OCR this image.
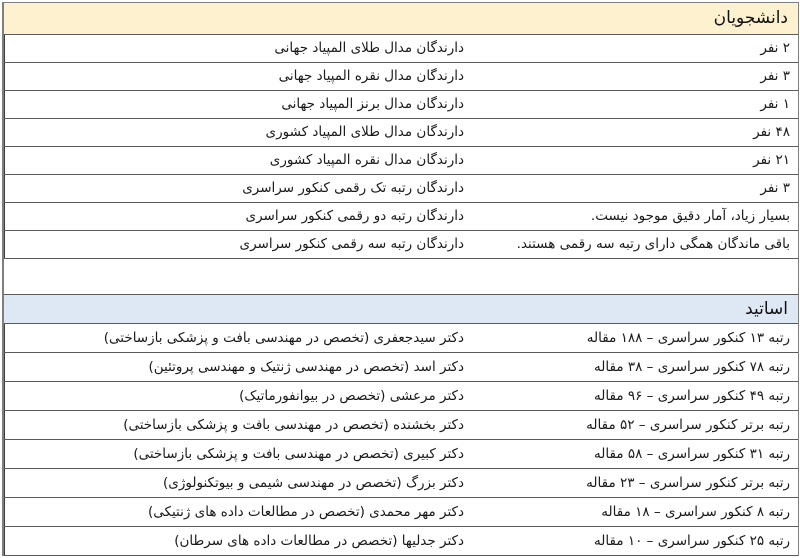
دانشجویان
۲ نفر
دارندگان مدال طلای المپیاد جهانی
۳ نفر
دارندگان مدال نقره المپیاد جهانی
۱ نفر
دارندگان مدال برنز المپیاد جهانی
۴۸ نفر
دارندگان مدال طلای المپیاد کشوری
۲۱ نفر
دارندگان مدال نقره المپیاد کشوری
۳ نفر
دارندگان رتبه تک رقمی کنکور سراسری
بسیار زیاد، آمار دقیق موجود نیست.
دارندگان رتبه دو رقمی کنکور سراسری
باقی ماندگان همگی دارای رتبه سه رقمی هستند.
دارندگان رتبه سه رقمی کنکور سراسری
اساتید
رتبه ۱۳ کنکور سراسری – ۱۸۸ مقاله
دکتر سیدجعفری (تخصص در مهندسی بافت و پزشکی بازساختی)
رتبه ۷۸ کنکور سراسری – ۳۸ مقاله
دکتر اسد (تخصص در مهندسی ژنتیک و مهندسی پروتئین)
رتبه ۴۹ کنکور سراسری – ۹۶ مقاله
دکتر مرعشی (تخصص در بیوانفورماتیک)
رتبه برتر کنکور سراسری – ۵۲ مقاله
دکتر بخشنده (تخصص در مهندسی بافت و پزشکی بازساختی)
رتبه ۳۱ کنکور سراسری – ۵۸ مقاله
دکتر کبیری (تخصص در مهندسی بافت و پزشکی بازساختی)
رتبه برتر کنکور سراسری – ۲۳ مقاله
دکتر بزرگ (تخصص در مهندسی شیمی و بیوتکنولوژی)
رتبه ۸ کنکور سراسری – ۱۸ مقاله
دکتر مهر محمدی (تخصص در مطالعات داده های ژنتیکی)
رتبه ۲۵ کنکور سراسری – ۱۰ مقاله
دکتر جدلیها (تخصص در مطالعات داده های سرطان)
